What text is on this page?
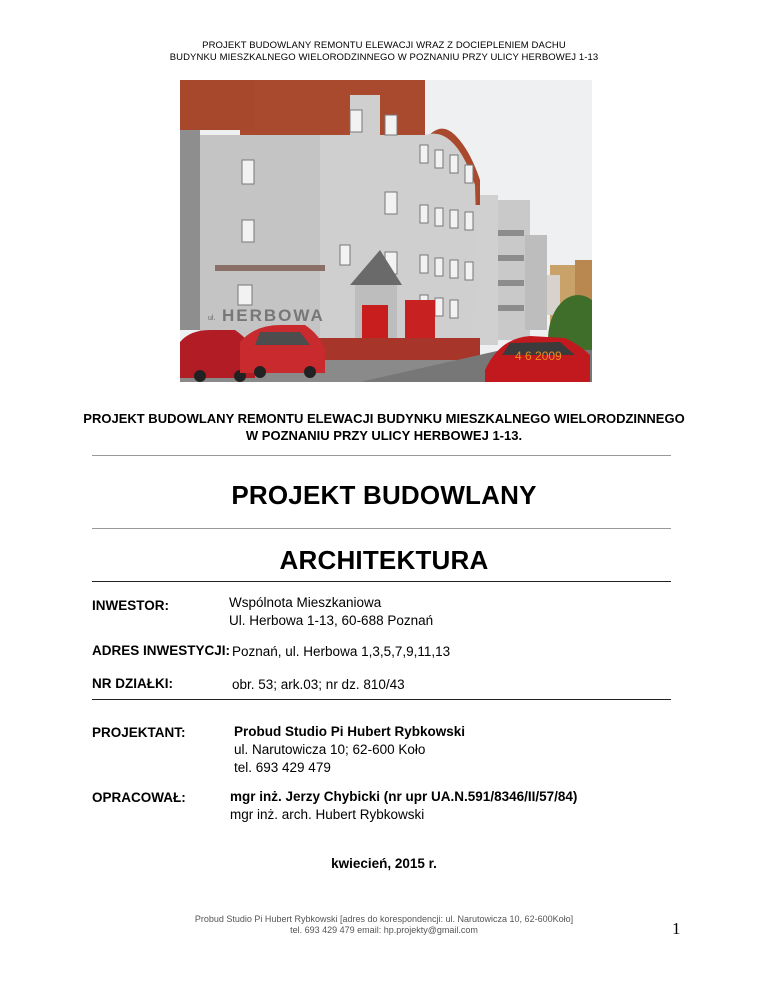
PROJEKT BUDOWLANY REMONTU ELEWACJI WRAZ Z DOCIEPLENIEM DACHU
BUDYNKU MIESZKALNEGO WIELORODZINNEGO W POZNANIU PRZY ULICY HERBOWEJ 1-13
ul. HERBOWA
4 6 2009
PROJEKT BUDOWLANY REMONTU ELEWACJI BUDYNKU MIESZKALNEGO WIELORODZINNEGO
W POZNANIU PRZY ULICY HERBOWEJ 1-13.
PROJEKT BUDOWLANY
ARCHITEKTURA
INWESTOR:	Wspólnota Mieszkaniowa
Ul. Herbowa 1-13, 60-688 Poznań
ADRES INWESTYCJI: Poznań, ul. Herbowa 1,3,5,7,9,11,13
NR DZIAŁKI:	obr. 53; ark.03; nr dz. 810/43
PROJEKTANT:	Probud Studio Pi Hubert Rybkowski
ul. Narutowicza 10; 62-600 Koło
tel. 693 429 479
OPRACOWAŁ:	mgr inż. Jerzy Chybicki (nr upr UA.N.591/8346/II/57/84)
mgr inż. arch. Hubert Rybkowski
kwiecień, 2015 r.
Probud Studio Pi Hubert Rybkowski [adres do korespondencji: ul. Narutowicza 10, 62-600Koło]
tel. 693 429 479 email: hp.projekty@gmail.com	1
